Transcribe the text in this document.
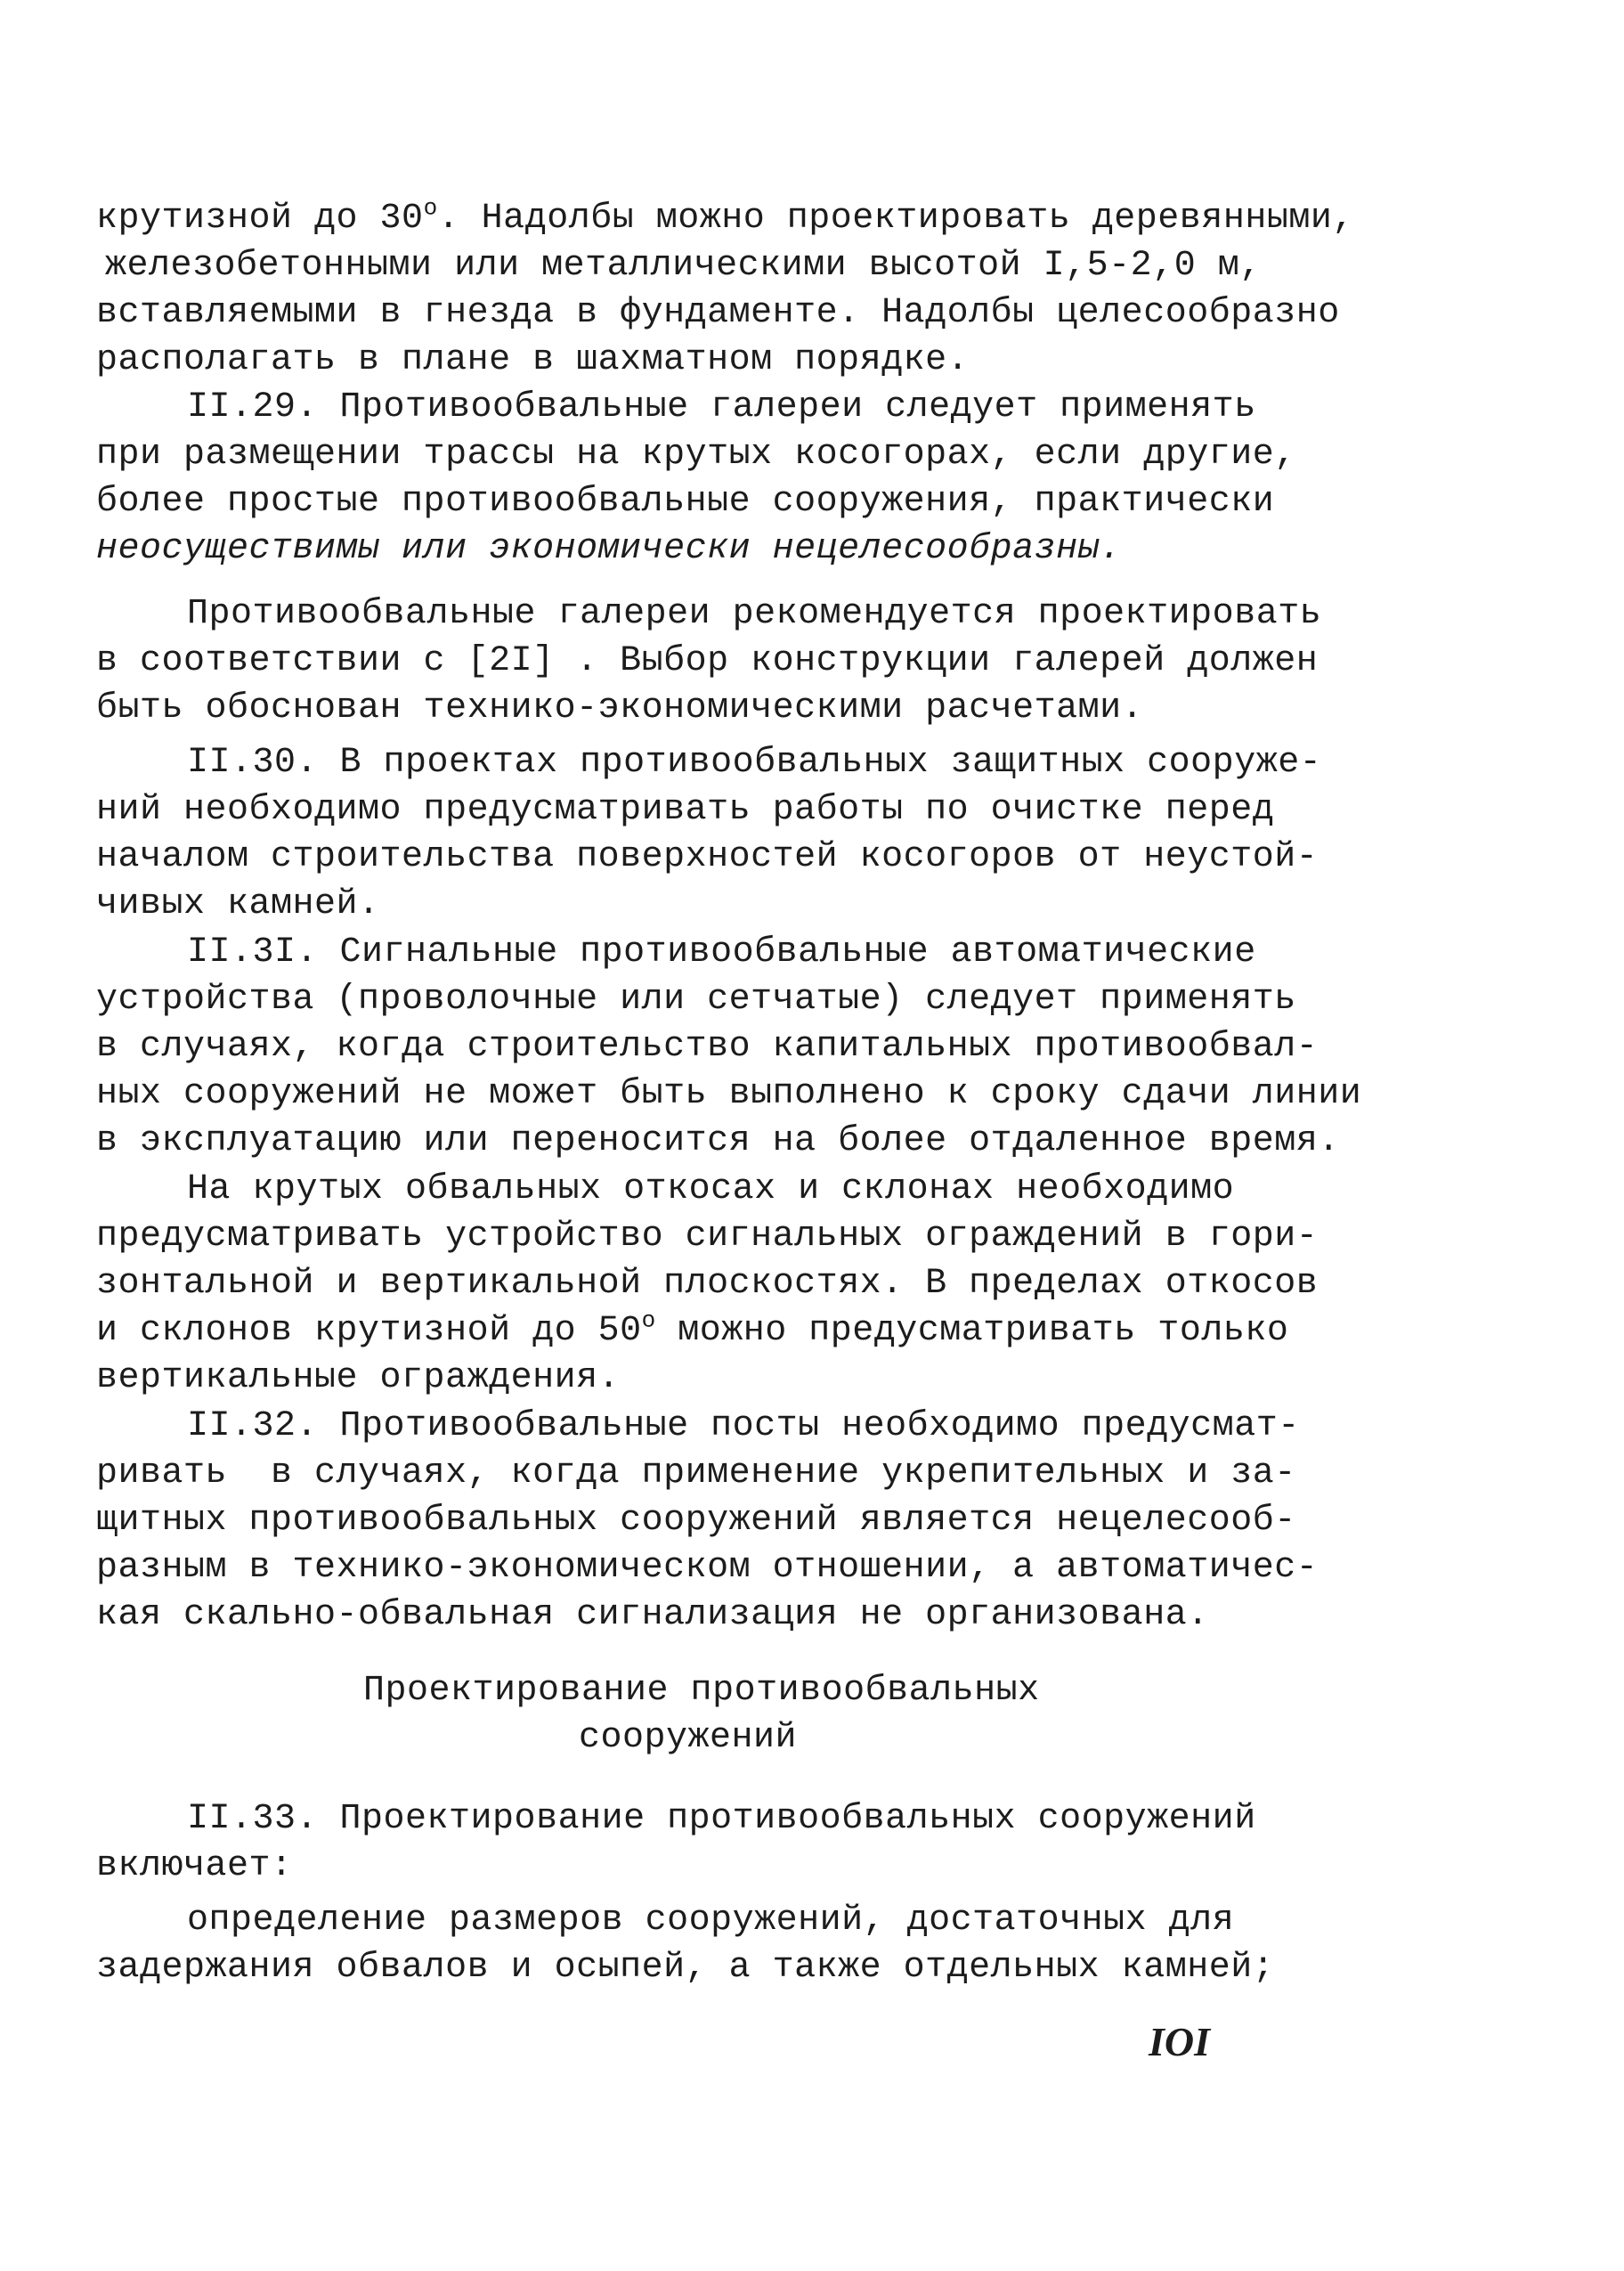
крутизной до $30^о$. Надолбы можно проектировать деревянными,
железобетонными или металлическими высотой I,5-2,0 м,
вставляемыми в гнезда в фундаменте. Надолбы целесообразно
располагать в плане в шахматном порядке.
II.29. Противообвальные галереи следует применять
при размещении трассы на крутых косогорах, если другие,
более простые противообвальные сооружения, практически
неосуществимы или экономически нецелесообразны.
Противообвальные галереи рекомендуется проектировать
в соответствии с [2I] . Выбор конструкции галерей должен
быть обоснован технико-экономическими расчетами.
II.30. В проектах противообвальных защитных сооруже-
ний необходимо предусматривать работы по очистке перед
началом строительства поверхностей косогоров от неустой-
чивых камней.
II.3I. Сигнальные противообвальные автоматические
устройства (проволочные или сетчатые) следует применять
в случаях, когда строительство капитальных противообвал-
ных сооружений не может быть выполнено к сроку сдачи линии
в эксплуатацию или переносится на более отдаленное время.
На крутых обвальных откосах и склонах необходимо
предусматривать устройство сигнальных ограждений в гори-
зонтальной и вертикальной плоскостях. В пределах откосов
и склонов крутизной до $50^о$ можно предусматривать только
вертикальные ограждения.
II.32. Противообвальные посты необходимо предусмат-
ривать  в случаях, когда применение укрепительных и за-
щитных противообвальных сооружений является нецелесооб-
разным в технико-экономическом отношении, а автоматичес-
кая скально-обвальная сигнализация не организована.
Проектирование противообвальных
сооружений
II.33. Проектирование противообвальных сооружений
включает:
определение размеров сооружений, достаточных для
задержания обвалов и осыпей, а также отдельных камней;
IOI
